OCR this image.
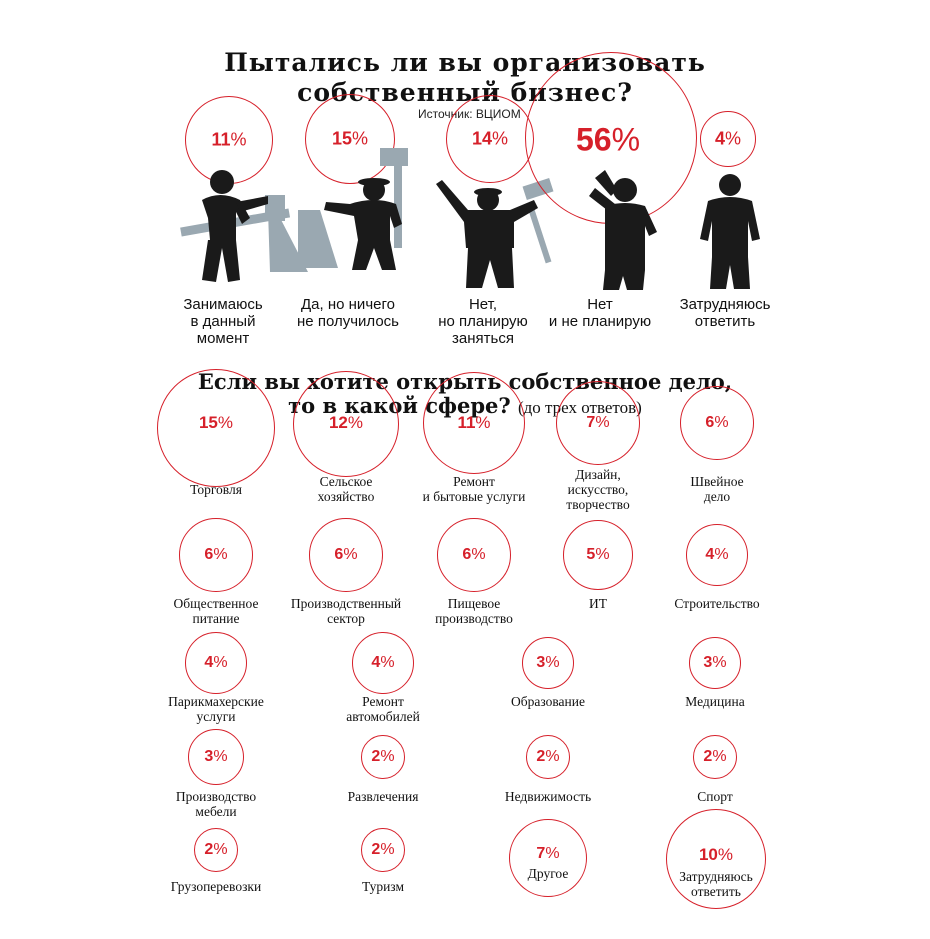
Пытались ли вы организовать
собственный бизнес?
Источник: ВЦИОМ
11%
Занимаюсь
в данный
момент
15%
Да, но ничего
не получилось
14%
Нет,
но планирую
заняться
56%
Нет
и не планирую
4%
Затрудняюсь
ответить
Если вы хотите открыть собственное дело,
то в какой сфере? (до трех ответов)
15%
Торговля
12%
Сельское
хозяйство
11%
Ремонт
и бытовые услуги
7%
Дизайн,
искусство,
творчество
6%
Швейное
дело
6%
Общественное
питание
6%
Производственный
сектор
6%
Пищевое
производство
5%
ИТ
4%
Строительство
4%
Парикмахерские
услуги
4%
Ремонт
автомобилей
3%
Образование
3%
Медицина
3%
Производство
мебели
2%
Развлечения
2%
Недвижимость
2%
Спорт
2%
Грузоперевозки
2%
Туризм
7%
Другое
10%
Затрудняюсь
ответить
